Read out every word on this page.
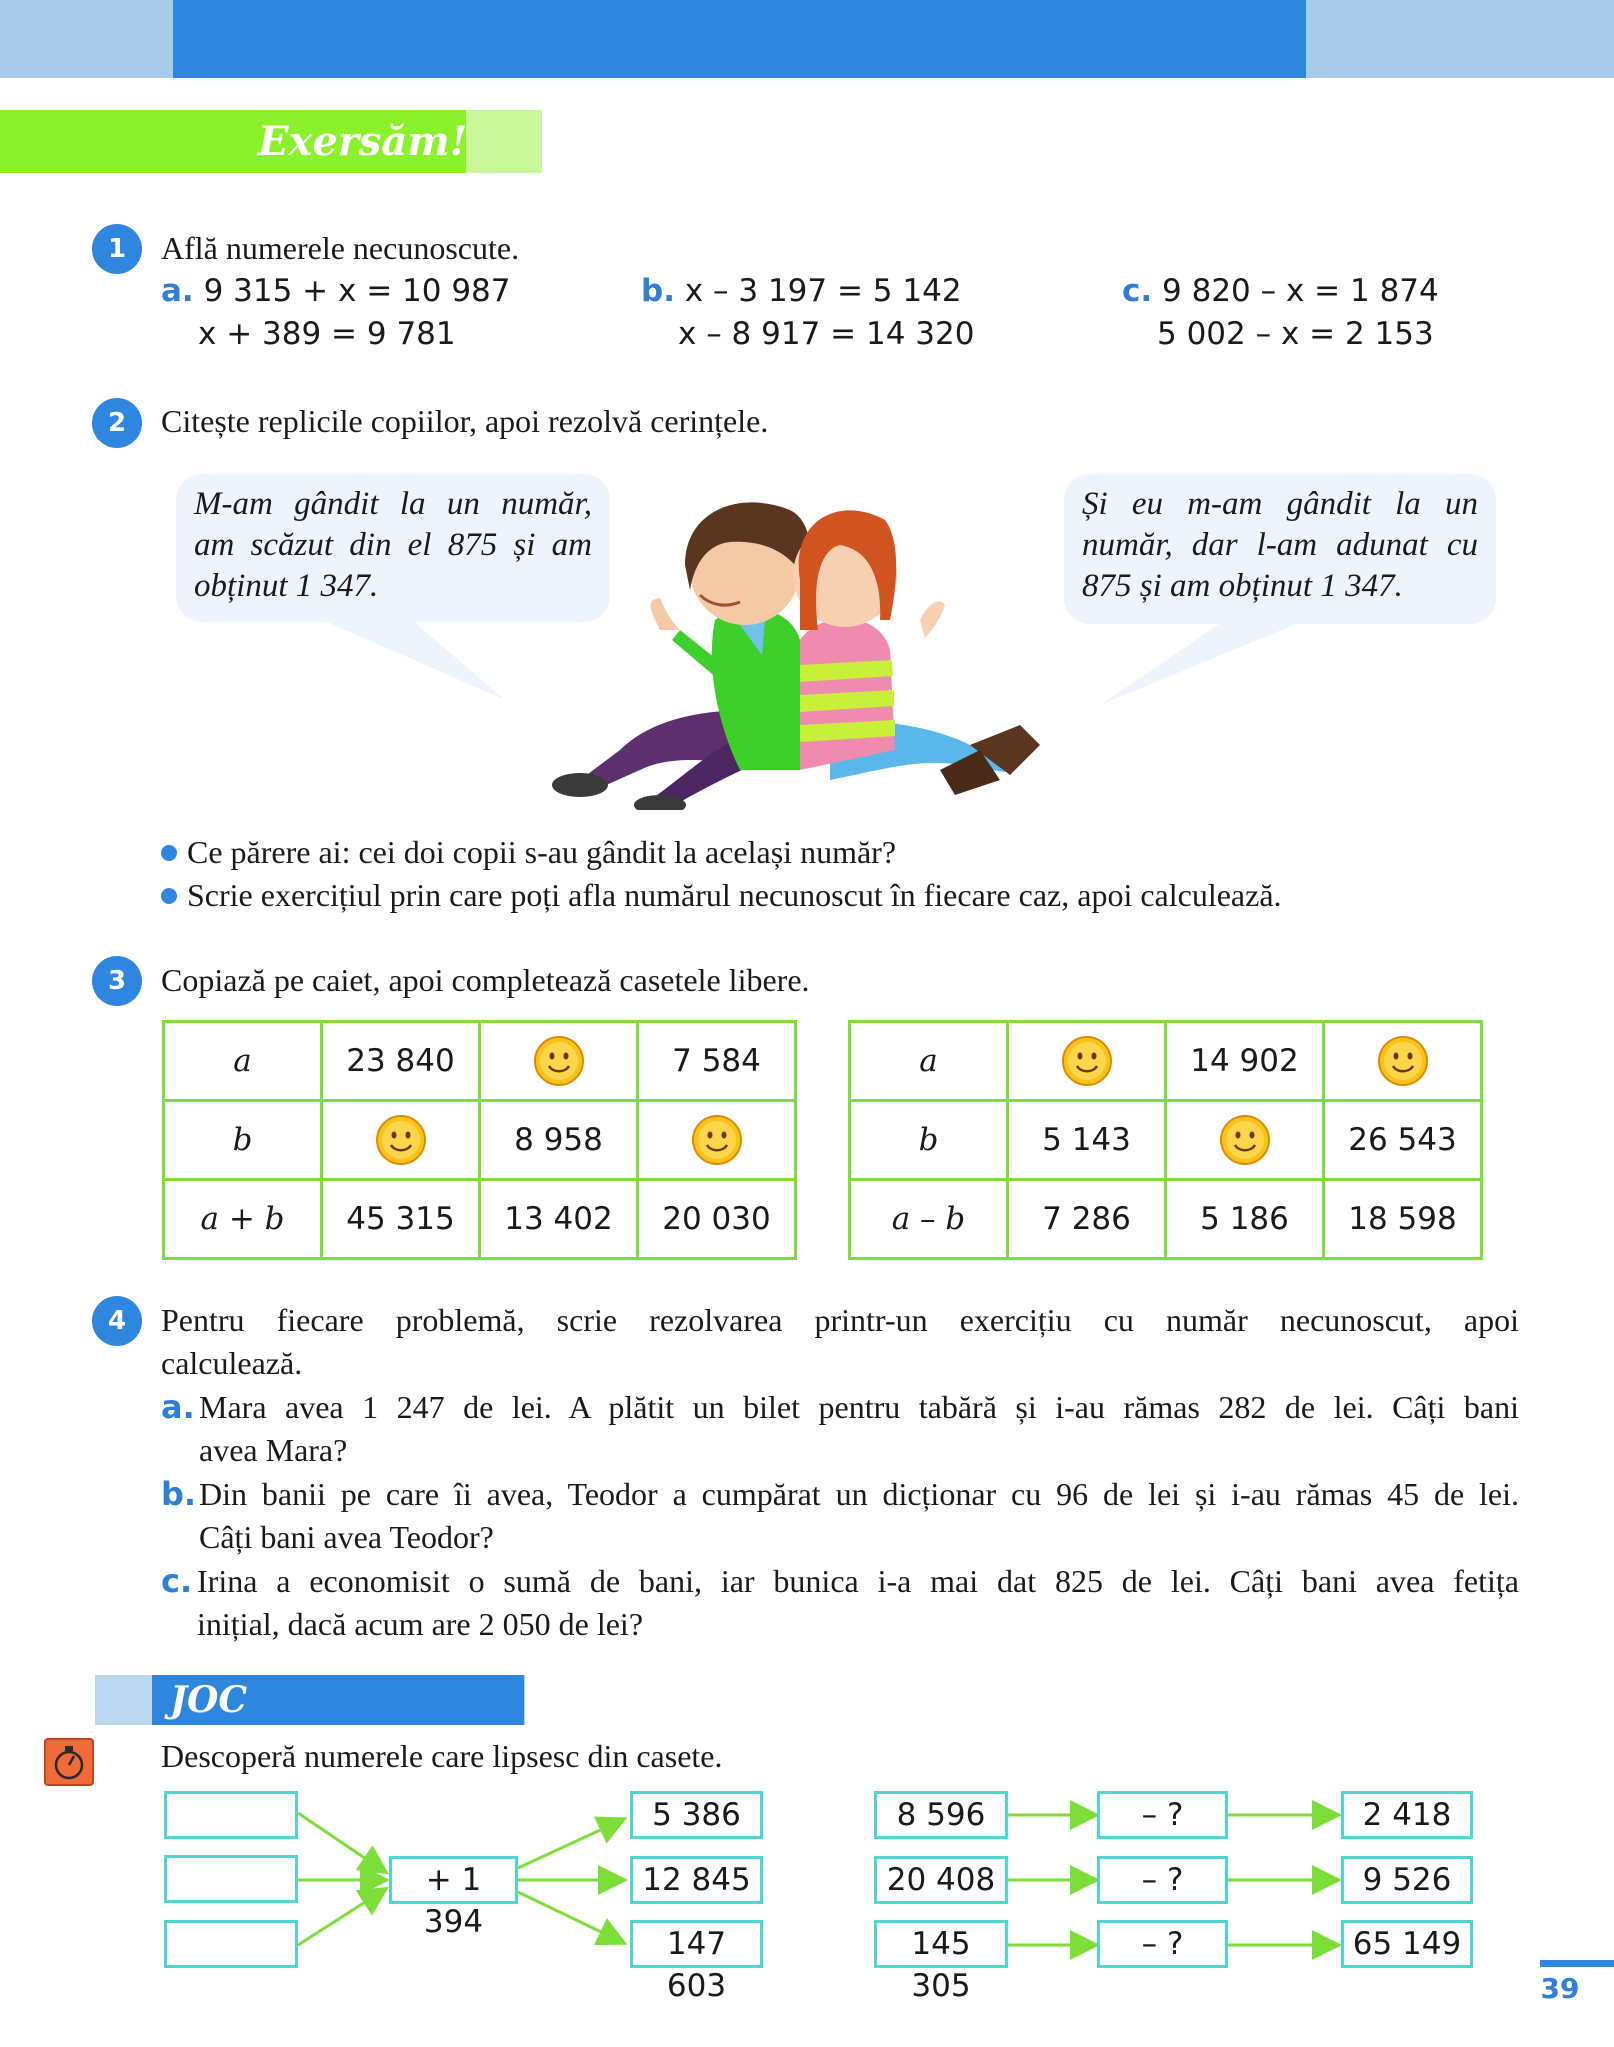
Exersăm!
1	Află numerele necunoscute.
a. 9 315 + x = 10 987
x + 389 = 9 781
b. x – 3 197 = 5 142
x – 8 917 = 14 320
c. 9 820 – x = 1 874
5 002 – x = 2 153
2	Citește replicile copiilor, apoi rezolvă cerințele.
M-am gândit la un număr,
am scăzut din el 875 și am
obținut 1 347.
Și eu m-am gândit la un
număr, dar l-am adunat cu
875 și am obținut 1 347.
Ce părere ai: cei doi copii s-au gândit la același număr?
Scrie exercițiul prin care poți afla numărul necunoscut în fiecare caz, apoi calculează.
3	Copiază pe caiet, apoi completează casetele libere.
a	23 840		7 584
b		8 958	
a + b	45 315	13 402	20 030
a		14 902	
b	5 143		26 543
a – b	7 286	5 186	18 598
4	Pentru fiecare problemă, scrie rezolvarea printr-un exercițiu cu număr necunoscut, apoi
calculează.
a. Mara avea 1 247 de lei. A plătit un bilet pentru tabără și i-au rămas 282 de lei. Câți bani
avea Mara?
b. Din banii pe care îi avea, Teodor a cumpărat un dicționar cu 96 de lei și i-au rămas 45 de lei.
Câți bani avea Teodor?
c. Irina a economisit o sumă de bani, iar bunica i-a mai dat 825 de lei. Câți bani avea fetița
inițial, dacă acum are 2 050 de lei?
JOC
Descoperă numerele care lipsesc din casete.
+ 1 394
5 386
12 845
147 603
8 596	– ?	2 418
20 408	– ?	9 526
145 305
– ?	65 149
39
